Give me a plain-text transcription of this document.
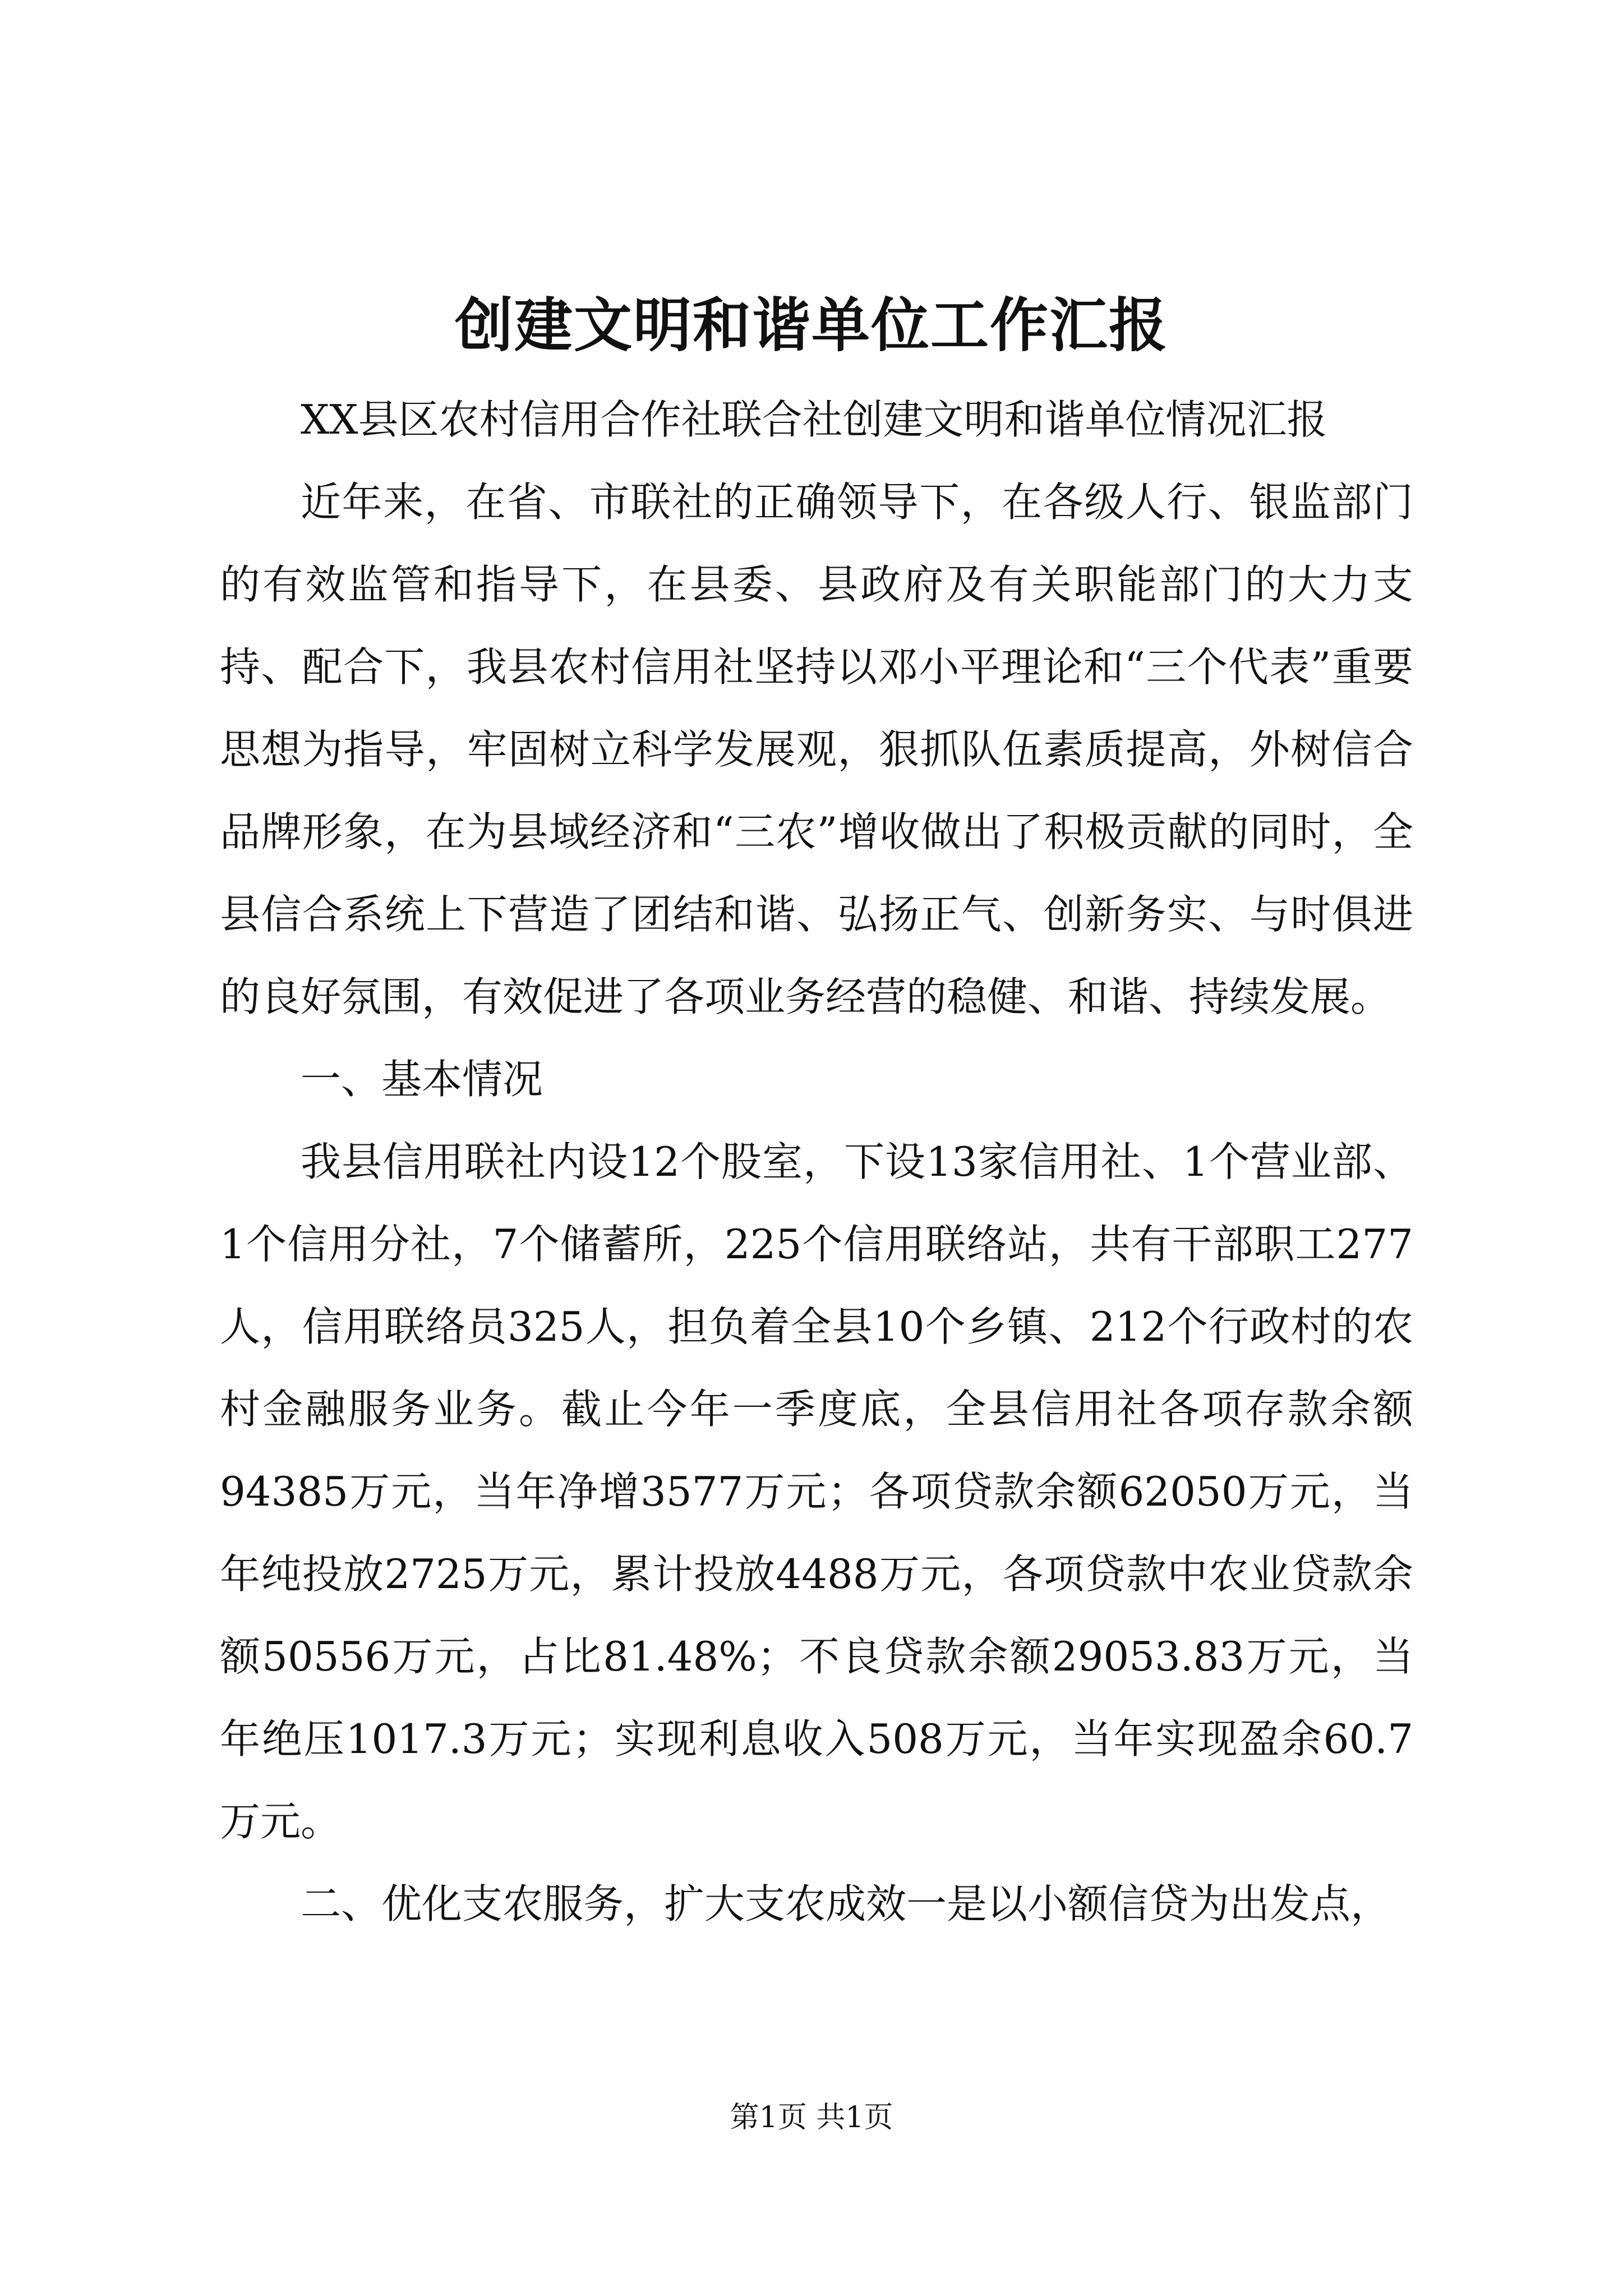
创建文明和谐单位工作汇报

XX县区农村信用合作社联合社创建文明和谐单位情况汇报

近年来，在省、市联社的正确领导下，在各级人行、银监部门的有效监管和指导下，在县委、县政府及有关职能部门的大力支持、配合下，我县农村信用社坚持以邓小平理论和“三个代表”重要思想为指导，牢固树立科学发展观，狠抓队伍素质提高，外树信合品牌形象，在为县域经济和“三农”增收做出了积极贡献的同时，全县信合系统上下营造了团结和谐、弘扬正气、创新务实、与时俱进的良好氛围，有效促进了各项业务经营的稳健、和谐、持续发展。

一、基本情况

我县信用联社内设12个股室，下设13家信用社、1个营业部、1个信用分社，7个储蓄所，225个信用联络站，共有干部职工277人，信用联络员325人，担负着全县10个乡镇、212个行政村的农村金融服务业务。截止今年一季度底，全县信用社各项存款余额94385万元，当年净增3577万元；各项贷款余额62050万元，当年纯投放2725万元，累计投放4488万元，各项贷款中农业贷款余额50556万元，占比81.48%；不良贷款余额29053.83万元，当年绝压1017.3万元；实现利息收入508万元，当年实现盈余60.7万元。

二、优化支农服务，扩大支农成效一是以小额信贷为出发点，

第1页 共1页
